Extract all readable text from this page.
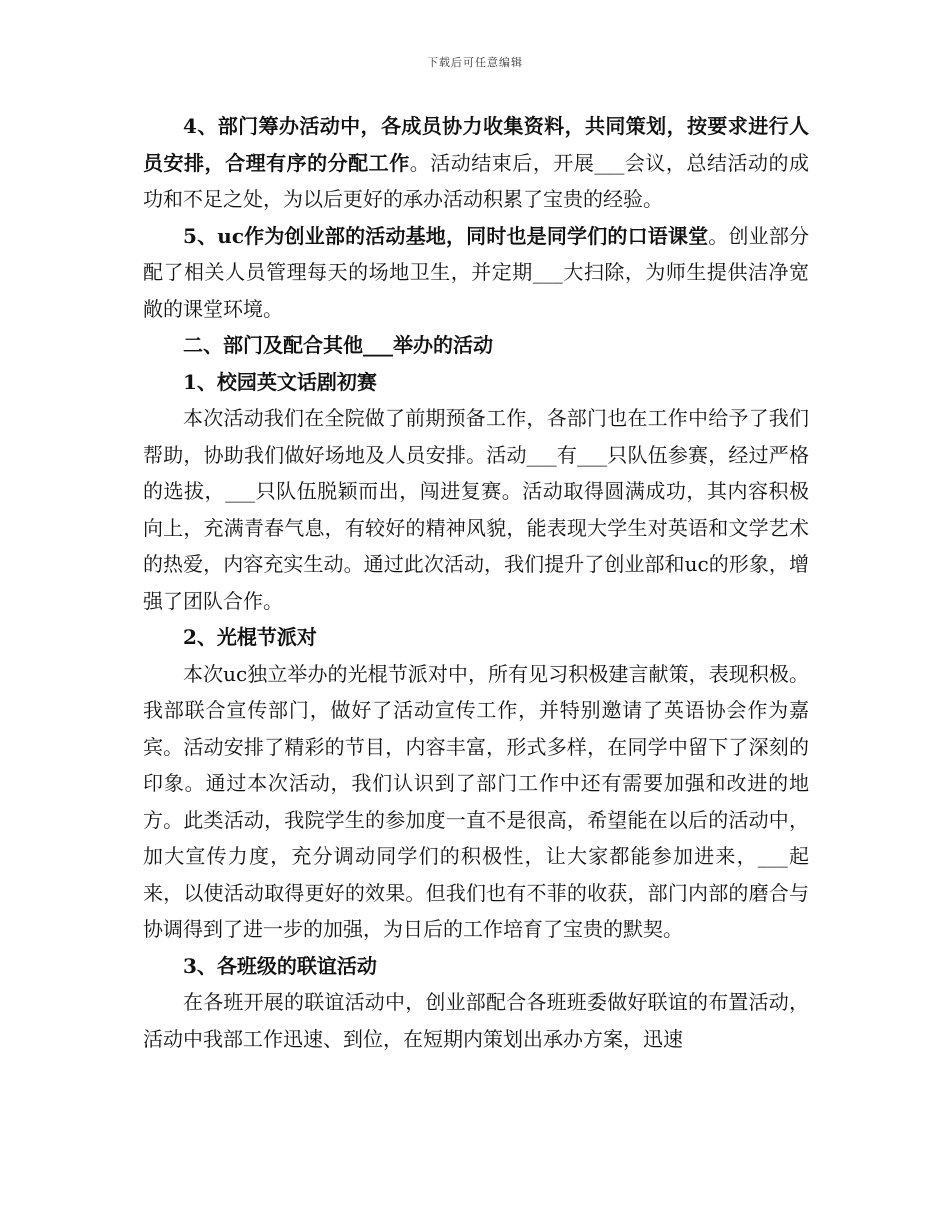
下载后可任意编辑

4、部门筹办活动中，各成员协力收集资料，共同策划，按要求进行人员安排，合理有序的分配工作。活动结束后，开展___会议，总结活动的成功和不足之处，为以后更好的承办活动积累了宝贵的经验。

5、uc作为创业部的活动基地，同时也是同学们的口语课堂。创业部分配了相关人员管理每天的场地卫生，并定期___大扫除，为师生提供洁净宽敞的课堂环境。

二、部门及配合其他___举办的活动

1、校园英文话剧初赛

本次活动我们在全院做了前期预备工作，各部门也在工作中给予了我们帮助，协助我们做好场地及人员安排。活动___有___只队伍参赛，经过严格的选拔，___只队伍脱颖而出，闯进复赛。活动取得圆满成功，其内容积极向上，充满青春气息，有较好的精神风貌，能表现大学生对英语和文学艺术的热爱，内容充实生动。通过此次活动，我们提升了创业部和uc的形象，增强了团队合作。

2、光棍节派对

本次uc独立举办的光棍节派对中，所有见习积极建言献策，表现积极。我部联合宣传部门，做好了活动宣传工作，并特别邀请了英语协会作为嘉宾。活动安排了精彩的节目，内容丰富，形式多样，在同学中留下了深刻的印象。通过本次活动，我们认识到了部门工作中还有需要加强和改进的地方。此类活动，我院学生的参加度一直不是很高，希望能在以后的活动中，加大宣传力度，充分调动同学们的积极性，让大家都能参加进来，___起来，以使活动取得更好的效果。但我们也有不菲的收获，部门内部的磨合与协调得到了进一步的加强，为日后的工作培育了宝贵的默契。

3、各班级的联谊活动

在各班开展的联谊活动中，创业部配合各班班委做好联谊的布置活动，活动中我部工作迅速、到位，在短期内策划出承办方案，迅速
